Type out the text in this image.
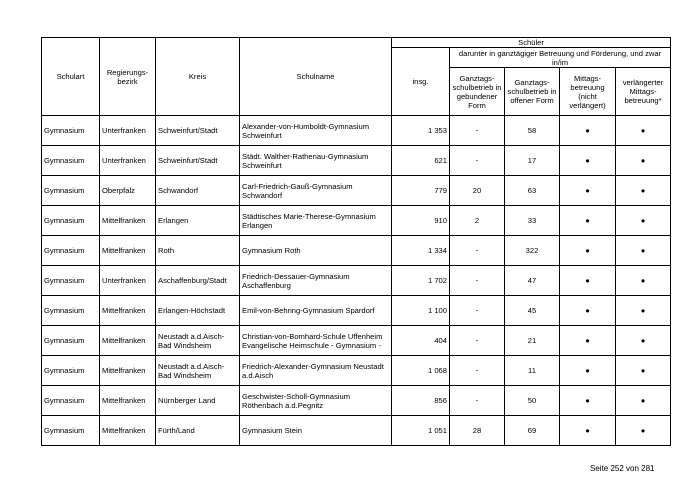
Schulart	Regierungs-bezirk	Kreis	Schulname	Schüler				
				insg.	darunter in ganztägiger Betreuung und Förderung, und zwar in/im			
					Ganztags-schulbetrieb in gebundener Form	Ganztags-schulbetrieb in offener Form	Mittags-betreuung (nicht verlängert)	verlängerter Mittags-betreuung*
Gymnasium	Unterfranken	Schweinfurt/Stadt	Alexander-von-Humboldt-Gymnasium Schweinfurt	1 353	-	58	●	●
Gymnasium	Unterfranken	Schweinfurt/Stadt	Städt. Walther-Rathenau-Gymnasium Schweinfurt	621	-	17	●	●
Gymnasium	Oberpfalz	Schwandorf	Carl-Friedrich-Gauß-Gymnasium Schwandorf	779	20	63	●	●
Gymnasium	Mittelfranken	Erlangen	Städtisches Marie-Therese-Gymnasium Erlangen	910	2	33	●	●
Gymnasium	Mittelfranken	Roth	Gymnasium Roth	1 334	-	322	●	●
Gymnasium	Unterfranken	Aschaffenburg/Stadt	Friedrich-Dessauer-Gymnasium Aschaffenburg	1 702	-	47	●	●
Gymnasium	Mittelfranken	Erlangen-Höchstadt	Emil-von-Behring-Gymnasium Spardorf	1 100	-	45	●	●
Gymnasium	Mittelfranken	Neustadt a.d.Aisch-Bad Windsheim	Christian-von-Bomhard-Schule Uffenheim Evangelische Heimschule - Gymnasium -	404	-	21	●	●
Gymnasium	Mittelfranken	Neustadt a.d.Aisch-Bad Windsheim	Friedrich-Alexander-Gymnasium Neustadt a.d.Aisch	1 068	-	11	●	●
Gymnasium	Mittelfranken	Nürnberger Land	Geschwister-Scholl-Gymnasium Röthenbach a.d.Pegnitz	856	-	50	●	●
Gymnasium	Mittelfranken	Fürth/Land	Gymnasium Stein	1 051	28	69	●	●
Seite 252 von 281
